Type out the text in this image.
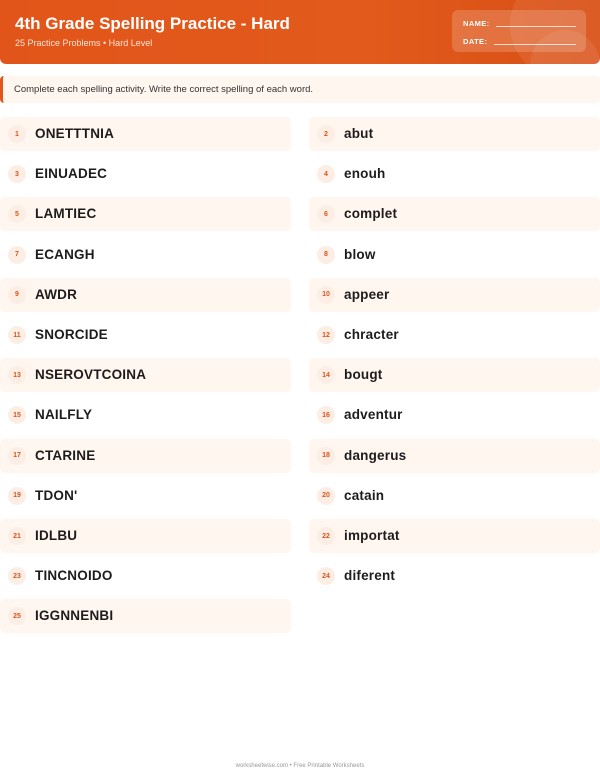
4th Grade Spelling Practice - Hard
25 Practice Problems • Hard Level
NAME:
DATE:
Complete each spelling activity. Write the correct spelling of each word.
1	ONETTTNIA	2	abut
3	EINUADEC	4	enouh
5	LAMTIEC	6	complet
7	ECANGH	8	blow
9	AWDR	10	appeer
11	SNORCIDE	12	chracter
13	NSEROVTCOINA	14	bougt
15	NAILFLY	16	adventur
17	CTARINE	18	dangerus
19	TDON'	20	catain
21	IDLBU	22	importat
23	TINCNOIDO	24	diferent
25	IGGNNENBI
worksheetwise.com • Free Printable Worksheets
